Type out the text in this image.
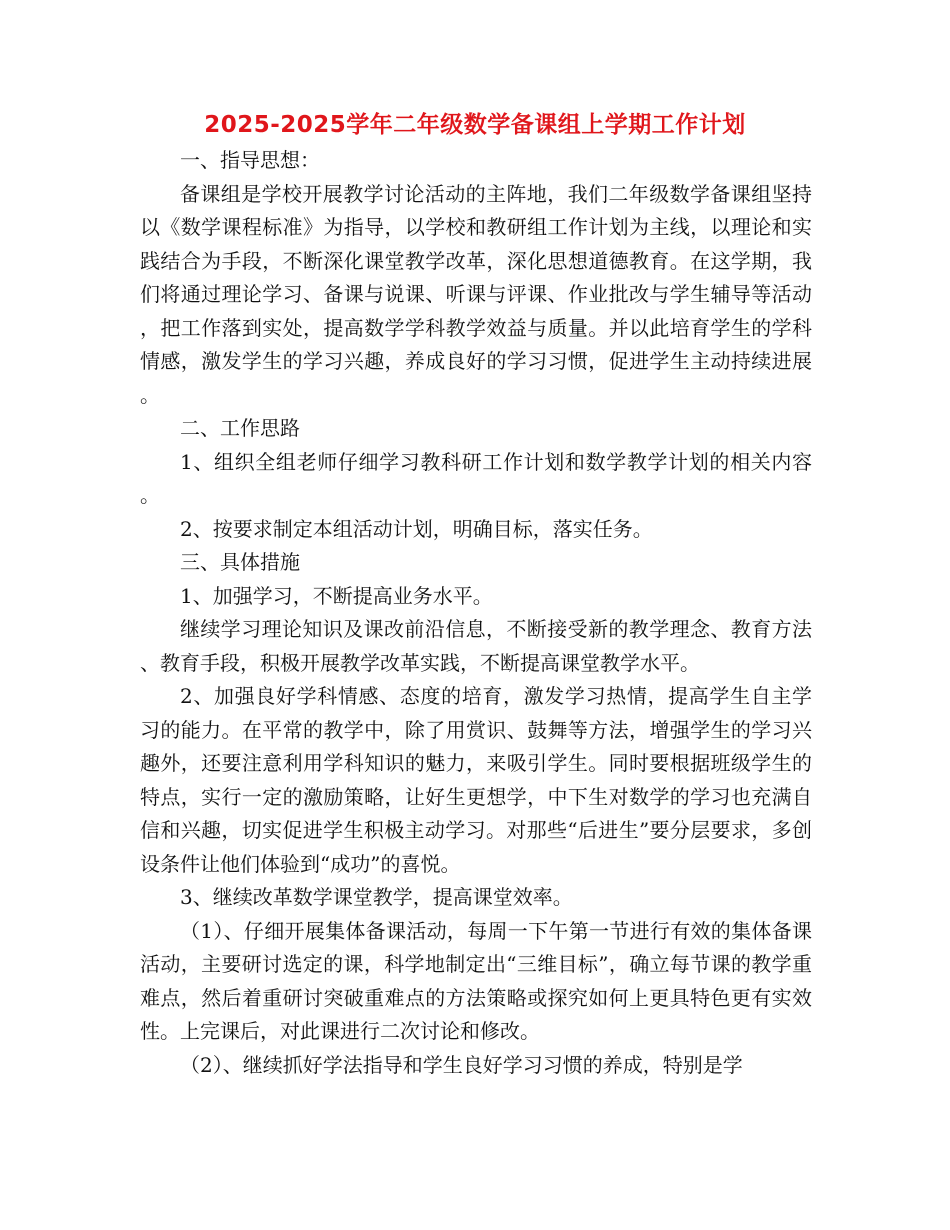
2025-2025学年二年级数学备课组上学期工作计划

一、指导思想：

备课组是学校开展教学讨论活动的主阵地，我们二年级数学备课组坚持以《数学课程标准》为指导，以学校和教研组工作计划为主线，以理论和实践结合为手段，不断深化课堂教学改革，深化思想道德教育。在这学期，我们将通过理论学习、备课与说课、听课与评课、作业批改与学生辅导等活动，把工作落到实处，提高数学学科教学效益与质量。并以此培育学生的学科情感，激发学生的学习兴趣，养成良好的学习习惯，促进学生主动持续进展。

二、工作思路

1、组织全组老师仔细学习教科研工作计划和数学教学计划的相关内容。

2、按要求制定本组活动计划，明确目标，落实任务。

三、具体措施

1、加强学习，不断提高业务水平。

继续学习理论知识及课改前沿信息，不断接受新的教学理念、教育方法、教育手段，积极开展教学改革实践，不断提高课堂教学水平。

2、加强良好学科情感、态度的培育，激发学习热情，提高学生自主学习的能力。在平常的教学中，除了用赏识、鼓舞等方法，增强学生的学习兴趣外，还要注意利用学科知识的魅力，来吸引学生。同时要根据班级学生的特点，实行一定的激励策略，让好生更想学，中下生对数学的学习也充满自信和兴趣，切实促进学生积极主动学习。对那些“后进生”要分层要求，多创设条件让他们体验到“成功”的喜悦。

3、继续改革数学课堂教学，提高课堂效率。

（1）、仔细开展集体备课活动，每周一下午第一节进行有效的集体备课活动，主要研讨选定的课，科学地制定出“三维目标”，确立每节课的教学重难点，然后着重研讨突破重难点的方法策略或探究如何上更具特色更有实效性。上完课后，对此课进行二次讨论和修改。

（2）、继续抓好学法指导和学生良好学习习惯的养成，特别是学
